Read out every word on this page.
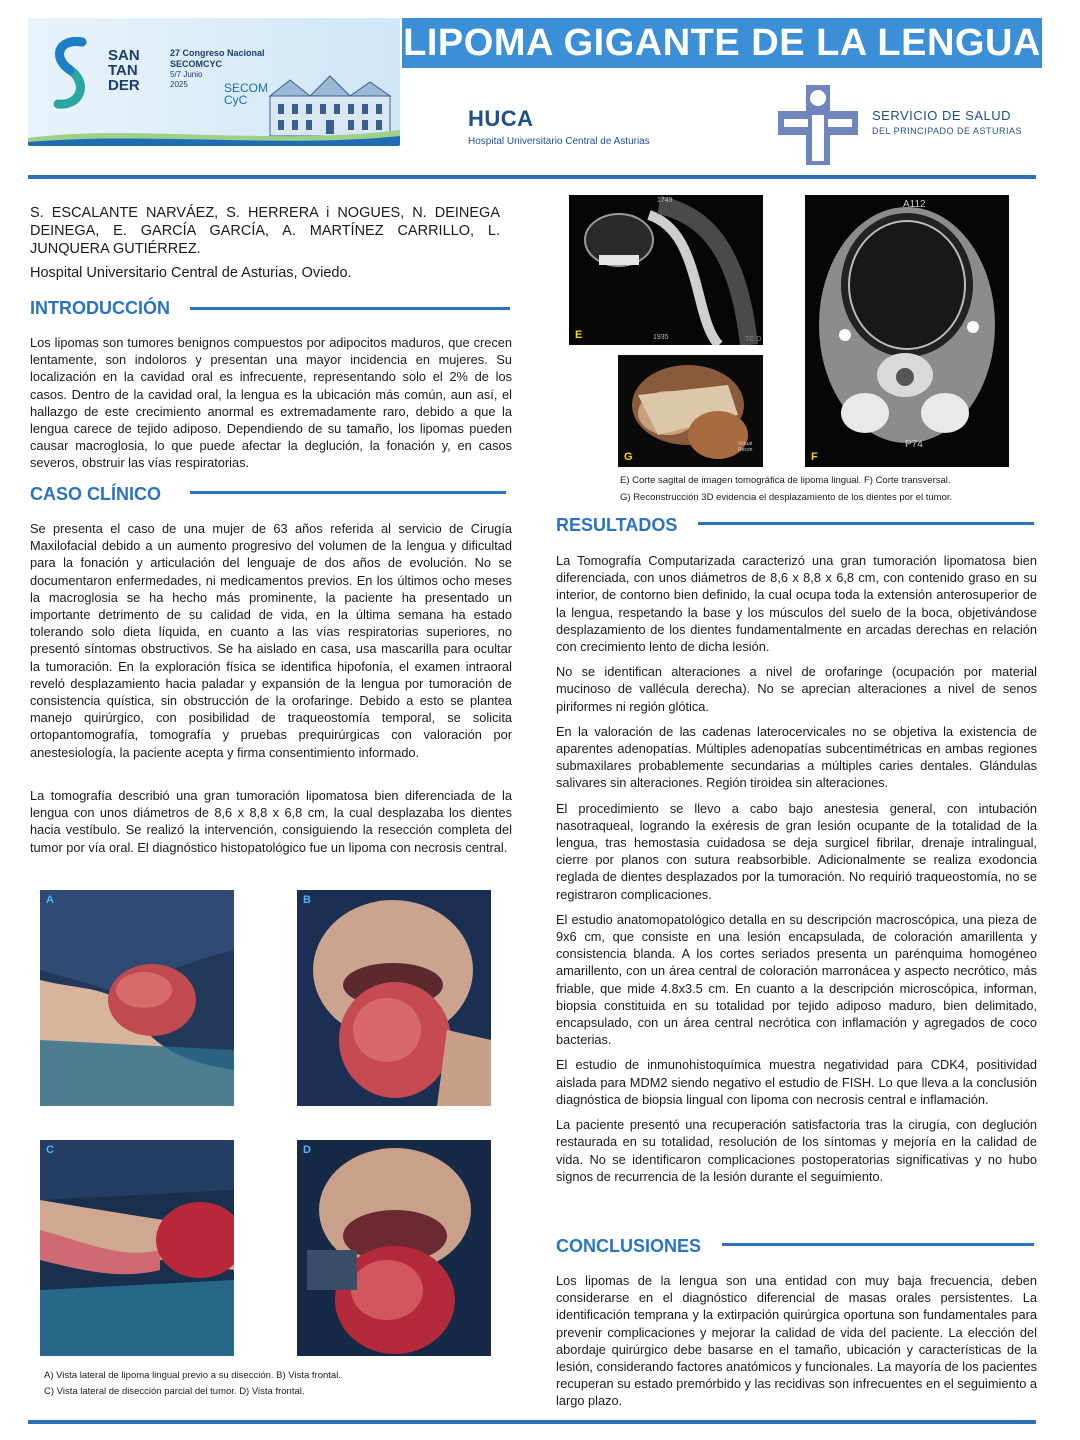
SAN
TAN
DER
27 Congreso Nacional
SECOMCYC
5/7 Junio
2025	SECOM
CyC
LIPOMA GIGANTE DE LA LENGUA
HUCA
Hospital Universitario Central de Asturias
SERVICIO DE SALUD
DEL PRINCIPADO DE ASTURIAS
S. ESCALANTE NARVÁEZ, S. HERRERA i NOGUES, N. DEINEGA DEINEGA, E. GARCÍA GARCÍA, A. MARTÍNEZ CARRILLO, L. JUNQUERA GUTIÉRREZ.
Hospital Universitario Central de Asturias, Oviedo.
INTRODUCCIÓN

Los lipomas son tumores benignos compuestos por adipocitos maduros, que crecen lentamente, son indoloros y presentan una mayor incidencia en mujeres. Su localización en la cavidad oral es infrecuente, representando solo el 2% de los casos. Dentro de la cavidad oral, la lengua es la ubicación más común, aun así, el hallazgo de este crecimiento anormal es extremadamente raro, debido a que la lengua carece de tejido adiposo. Dependiendo de su tamaño, los lipomas pueden causar macroglosia, lo que puede afectar la deglución, la fonación y, en casos severos, obstruir las vías respiratorias.

CASO CLÍNICO

Se presenta el caso de una mujer de 63 años referida al servicio de Cirugía Maxilofacial debido a un aumento progresivo del volumen de la lengua y dificultad para la fonación y articulación del lenguaje de dos años de evolución. No se documentaron enfermedades, ni medicamentos previos. En los últimos ocho meses la macroglosia se ha hecho más prominente, la paciente ha presentado un importante detrimento de su calidad de vida, en la última semana ha estado tolerando solo dieta líquida, en cuanto a las vías respiratorias superiores, no presentó síntomas obstructivos. Se ha aislado en casa, usa mascarilla para ocultar la tumoración. En la exploración física se identifica hipofonía, el examen intraoral reveló desplazamiento hacia paladar y expansión de la lengua por tumoración de consistencia quística, sin obstrucción de la orofaringe. Debido a esto se plantea manejo quirúrgico, con posibilidad de traqueostomía temporal, se solicita ortopantomografía, tomografía y pruebas prequirúrgicas con valoración por anestesiología, la paciente acepta y firma consentimiento informado.

La tomografía describió una gran tumoración lipomatosa bien diferenciada de la lengua con unos diámetros de 8,6 x 8,8 x 6,8 cm, la cual desplazaba los dientes hacia vestíbulo. Se realizó la intervención, consiguiendo la resección completa del tumor por vía oral. El diagnóstico histopatológico fue un lipoma con necrosis central.

A	B
C	D
A) Vista lateral de lipoma lingual previo a su disección. B) Vista frontal.
C) Vista lateral de disección parcial del tumor. D) Vista frontal.
1749
1935	TC D
E
A112
P74
F
Virtual Recon
G
E) Corte sagital de imagen tomográfica de lipoma lingual. F) Corte transversal.
G) Reconstrucción 3D evidencia el desplazamiento de los dientes por el tumor.
RESULTADOS

La Tomografía Computarizada caracterizó una gran tumoración lipomatosa bien diferenciada, con unos diámetros de 8,6 x 8,8 x 6,8 cm, con contenido graso en su interior, de contorno bien definido, la cual ocupa toda la extensión anterosuperior de la lengua, respetando la base y los músculos del suelo de la boca, objetivándose desplazamiento de los dientes fundamentalmente en arcadas derechas en relación con crecimiento lento de dicha lesión.

No se identifican alteraciones a nivel de orofaringe (ocupación por material mucinoso de vallécula derecha). No se aprecian alteraciones a nivel de senos piriformes ni región glótica.

En la valoración de las cadenas laterocervicales no se objetiva la existencia de aparentes adenopatías. Múltiples adenopatías subcentimétricas en ambas regiones submaxilares probablemente secundarias a múltiples caries dentales. Glándulas salivares sin alteraciones. Región tiroidea sin alteraciones.

El procedimiento se llevo a cabo bajo anestesia general, con intubación nasotraqueal, logrando la exéresis de gran lesión ocupante de la totalidad de la lengua, tras hemostasia cuidadosa se deja surgicel fibrilar, drenaje intralingual, cierre por planos con sutura reabsorbible. Adicionalmente se realiza exodoncia reglada de dientes desplazados por la tumoración. No requirió traqueostomía, no se registraron complicaciones.

El estudio anatomopatológico detalla en su descripción macroscópica, una pieza de 9x6 cm, que consiste en una lesión encapsulada, de coloración amarillenta y consistencia blanda. A los cortes seriados presenta un parénquima homogéneo amarillento, con un área central de coloración marronácea y aspecto necrótico, más friable, que mide 4.8x3.5 cm. En cuanto a la descripción microscópica, informan, biopsia constituida en su totalidad por tejido adiposo maduro, bien delimitado, encapsulado, con un área central necrótica con inflamación y agregados de coco bacterias.

El estudio de inmunohistoquímica muestra negatividad para CDK4, positividad aislada para MDM2 siendo negativo el estudio de FISH. Lo que lleva a la conclusión diagnóstica de biopsia lingual con lipoma con necrosis central e inflamación.

La paciente presentó una recuperación satisfactoria tras la cirugía, con deglución restaurada en su totalidad, resolución de los síntomas y mejoría en la calidad de vida. No se identificaron complicaciones postoperatorias significativas y no hubo signos de recurrencia de la lesión durante el seguimiento.

CONCLUSIONES

Los lipomas de la lengua son una entidad con muy baja frecuencia, deben considerarse en el diagnóstico diferencial de masas orales persistentes. La identificación temprana y la extirpación quirúrgica oportuna son fundamentales para prevenir complicaciones y mejorar la calidad de vida del paciente. La elección del abordaje quirúrgico debe basarse en el tamaño, ubicación y características de la lesión, considerando factores anatómicos y funcionales. La mayoría de los pacientes recuperan su estado premórbido y las recidivas son infrecuentes en el seguimiento a largo plazo.
